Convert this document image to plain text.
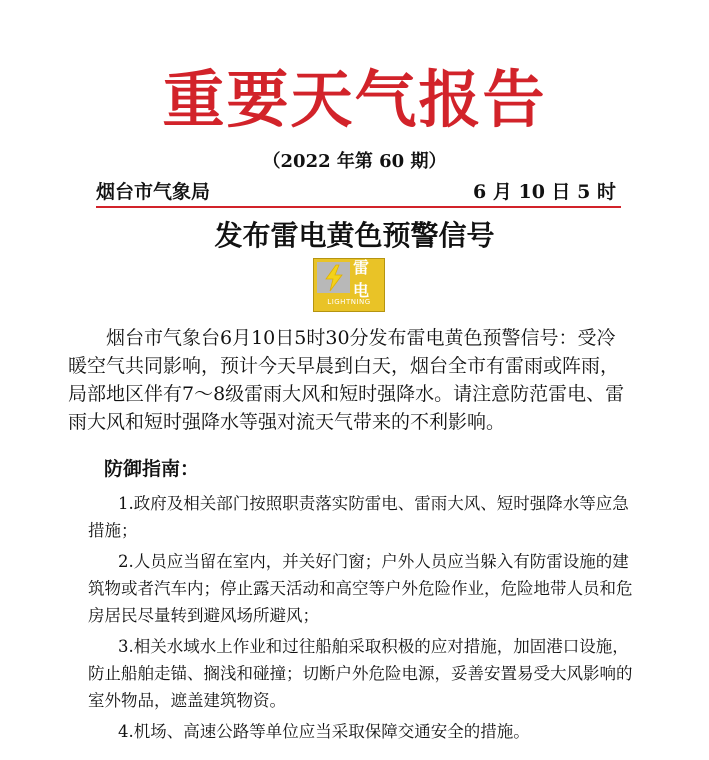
重要天气报告
（2022 年第 60 期）
烟台市气象局	6 月 10 日 5 时
发布雷电黄色预警信号
雷电
LIGHTNING

烟台市气象台6月10日5时30分发布雷电黄色预警信号：受冷暖空气共同影响，预计今天早晨到白天，烟台全市有雷雨或阵雨，局部地区伴有7～8级雷雨大风和短时强降水。请注意防范雷电、雷雨大风和短时强降水等强对流天气带来的不利影响。

防御指南：
1.政府及相关部门按照职责落实防雷电、雷雨大风、短时强降水等应急措施；
2.人员应当留在室内，并关好门窗；户外人员应当躲入有防雷设施的建筑物或者汽车内；停止露天活动和高空等户外危险作业，危险地带人员和危房居民尽量转到避风场所避风；
3.相关水域水上作业和过往船舶采取积极的应对措施，加固港口设施，防止船舶走锚、搁浅和碰撞；切断户外危险电源，妥善安置易受大风影响的室外物品，遮盖建筑物资。
4.机场、高速公路等单位应当采取保障交通安全的措施。
